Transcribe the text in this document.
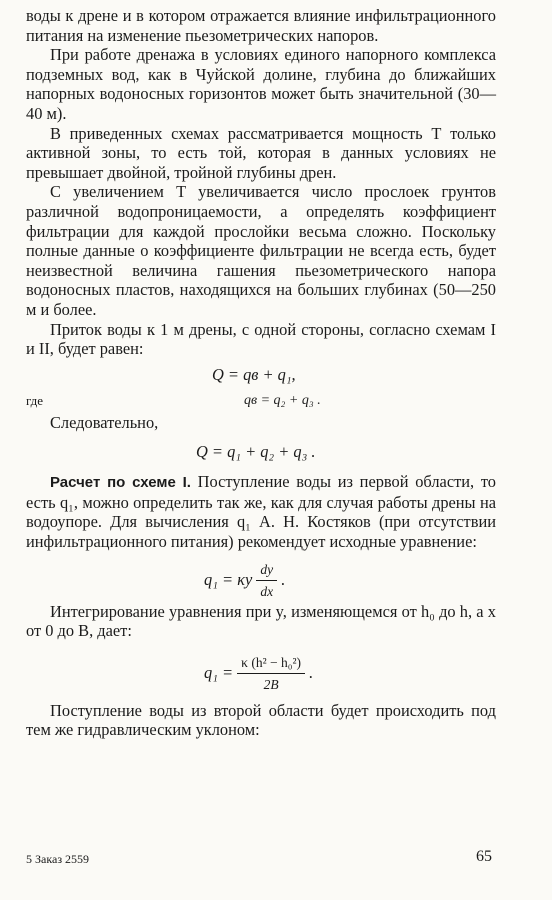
воды к дрене и в котором отражается влияние инфильтрационного питания на изменение пьезометрических напоров.

При работе дренажа в условиях единого напорного комплекса подземных вод, как в Чуйской долине, глубина до ближайших напорных водоносных горизонтов может быть значительной (30—40 м).

В приведенных схемах рассматривается мощность Т только активной зоны, то есть той, которая в данных условиях не превышает двойной, тройной глубины дрен.

С увеличением T увеличивается число прослоек грунтов различной водопроницаемости, а определять коэффициент фильтрации для каждой прослойки весьма сложно. Поскольку полные данные о коэффициенте фильтрации не всегда есть, будет неизвестной величина гашения пьезометрического напора водоносных пластов, находящихся на больших глубинах (50—250 м и более.

Приток воды к 1 м дрены, с одной стороны, согласно схемам I и II, будет равен:

Q = qв + q₁,
где	qв = q₂ + q₃ .

Следовательно,

Q = q₁ + q₂ + q₃ .

Расчет по схеме I. Поступление воды из первой области, то есть q₁, можно определить так же, как для случая работы дрены на водоупоре. Для вычисления q₁ А. Н. Костяков (при отсутствии инфильтрационного питания) рекомендует исходные уравнение:

q₁ = κy $\frac{dy}{dx}$ .

Интегрирование уравнения при y, изменяющемся от h₀ до h, а x от 0 до B, дает:

$q_1 = \frac{\text{κ (h² − h₀²)}}{2B}$ .

Поступление воды из второй области будет происходить под тем же гидравлическим уклоном:

5 Заказ 2559	65
